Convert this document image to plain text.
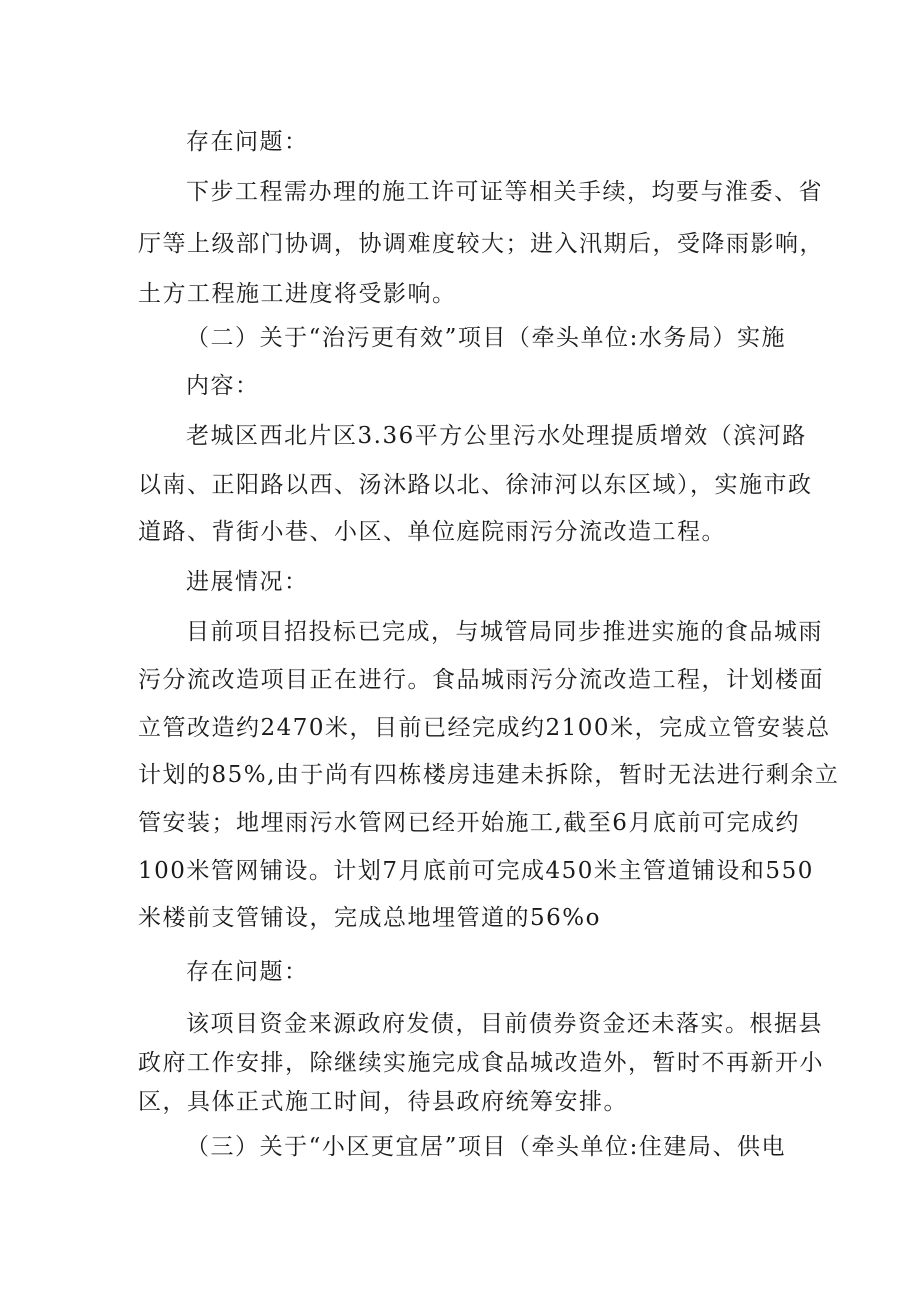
存在问题：
下步工程需办理的施工许可证等相关手续，均要与淮委、省
厅等上级部门协调，协调难度较大；进入汛期后，受降雨影响，
土方工程施工进度将受影响。
（二）关于“治污更有效”项目（牵头单位:水务局）实施
内容：
老城区西北片区3.36平方公里污水处理提质增效（滨河路
以南、正阳路以西、汤沐路以北、徐沛河以东区域），实施市政
道路、背街小巷、小区、单位庭院雨污分流改造工程。
进展情况：
目前项目招投标已完成，与城管局同步推进实施的食品城雨
污分流改造项目正在进行。食品城雨污分流改造工程，计划楼面
立管改造约2470米，目前已经完成约2100米，完成立管安装总
计划的85%,由于尚有四栋楼房违建未拆除，暂时无法进行剩余立
管安装；地埋雨污水管网已经开始施工,截至6月底前可完成约
100米管网铺设。计划7月底前可完成450米主管道铺设和550
米楼前支管铺设，完成总地埋管道的56%o
存在问题：
该项目资金来源政府发债，目前债券资金还未落实。根据县
政府工作安排，除继续实施完成食品城改造外，暂时不再新开小
区，具体正式施工时间，待县政府统筹安排。
（三）关于“小区更宜居”项目（牵头单位:住建局、供电
